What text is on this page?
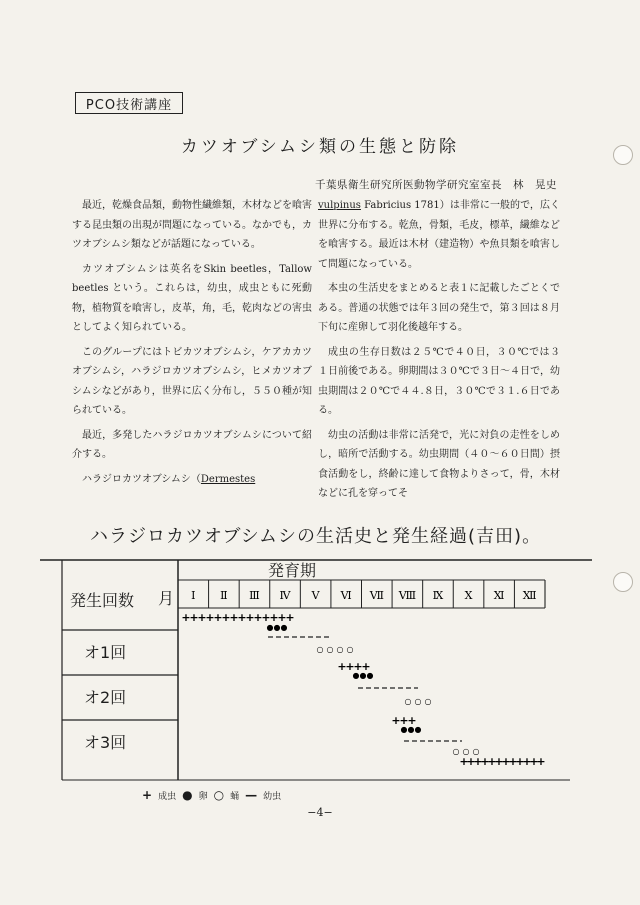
PCO技術講座
カツオブシムシ類の生態と防除
千葉県衛生研究所医動物学研究室室長　林　晃史

最近，乾燥食品類，動物性繊維類，木材などを喰害する昆虫類の出現が問題になっている。なかでも，カツオブシムシ類などが話題になっている。

カツオブシムシは英名をSkin beetles，Tallow beetles という。これらは，幼虫，成虫ともに死動物，植物質を喰害し，皮革，角，毛，乾肉などの害虫としてよく知られている。

このグループにはトビカツオブシムシ，ケアカカツオブシムシ，ハラジロカツオブシムシ，ヒメカツオブシムシなどがあり，世界に広く分布し，５５０種が知られている。

最近，多発したハラジロカツオブシムシについて紹介する。

ハラジロカツオブシムシ（Dermestes

vulpinus Fabricius 1781）は非常に一般的で，広く世界に分布する。乾魚，骨類，毛皮，標革，繊維などを喰害する。最近は木材（建造物）や魚貝類を喰害して問題になっている。

本虫の生活史をまとめると表１に記載したごとくである。普通の状態では年３回の発生で，第３回は８月下旬に産卵して羽化後越年する。

成虫の生存日数は２５℃で４０日，３０℃では３１日前後である。卵期間は３０℃で３日〜４日で，幼虫期間は２０℃で４４.８日，３０℃で３１.６日である。

幼虫の活動は非常に活発で，光に対負の走性をしめし，暗所で活動する。幼虫期間（４０〜６０日間）摂食活動をし，終齢に達して食物よりさって，骨，木材などに孔を穿ってそ

ハラジロカツオブシムシの生活史と発生経過(吉田)。
Ⅰ Ⅱ Ⅲ Ⅳ Ⅴ Ⅵ Ⅶ Ⅷ Ⅸ Ⅹ Ⅺ Ⅻ
オ1回
オ2回
オ3回
発生回数 月
発育期
+
+
+
+
+
+
+
+
+
+
+
+
+
+
● ● ●
○ ○ ○ ○
+
+
+
+
● ● ●
○ ○ ○
+
+
+
● ● ●
○ ○ ○
+
+
+
+
+
+
+
+
+
+
+
+
+ 成虫 ● 卵 ○ 蛹 — 幼虫
−4−
